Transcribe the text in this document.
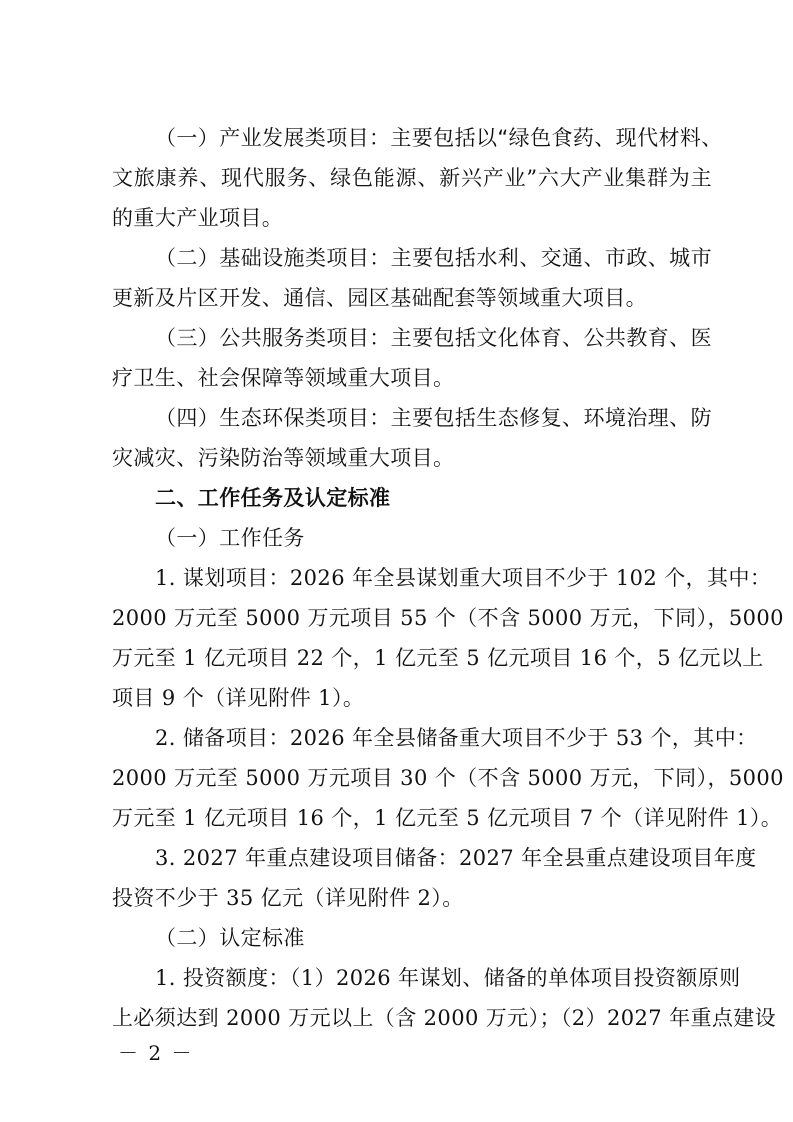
（一）产业发展类项目：主要包括以“绿色食药、现代材料、
文旅康养、现代服务、绿色能源、新兴产业”六大产业集群为主
的重大产业项目。
（二）基础设施类项目：主要包括水利、交通、市政、城市
更新及片区开发、通信、园区基础配套等领域重大项目。
（三）公共服务类项目：主要包括文化体育、公共教育、医
疗卫生、社会保障等领域重大项目。
（四）生态环保类项目：主要包括生态修复、环境治理、防
灾减灾、污染防治等领域重大项目。
二、工作任务及认定标准
（一）工作任务
1. 谋划项目：2026 年全县谋划重大项目不少于 102 个，其中：
2000 万元至 5000 万元项目 55 个（不含 5000 万元，下同），5000
万元至 1 亿元项目 22 个，1 亿元至 5 亿元项目 16 个，5 亿元以上
项目 9 个（详见附件 1）。
2. 储备项目：2026 年全县储备重大项目不少于 53 个，其中：
2000 万元至 5000 万元项目 30 个（不含 5000 万元，下同），5000
万元至 1 亿元项目 16 个，1 亿元至 5 亿元项目 7 个（详见附件 1）。
3. 2027 年重点建设项目储备：2027 年全县重点建设项目年度
投资不少于 35 亿元（详见附件 2）。
（二）认定标准
1. 投资额度：（1）2026 年谋划、储备的单体项目投资额原则
上必须达到 2000 万元以上（含 2000 万元）；（2）2027 年重点建设
－ 2 －
